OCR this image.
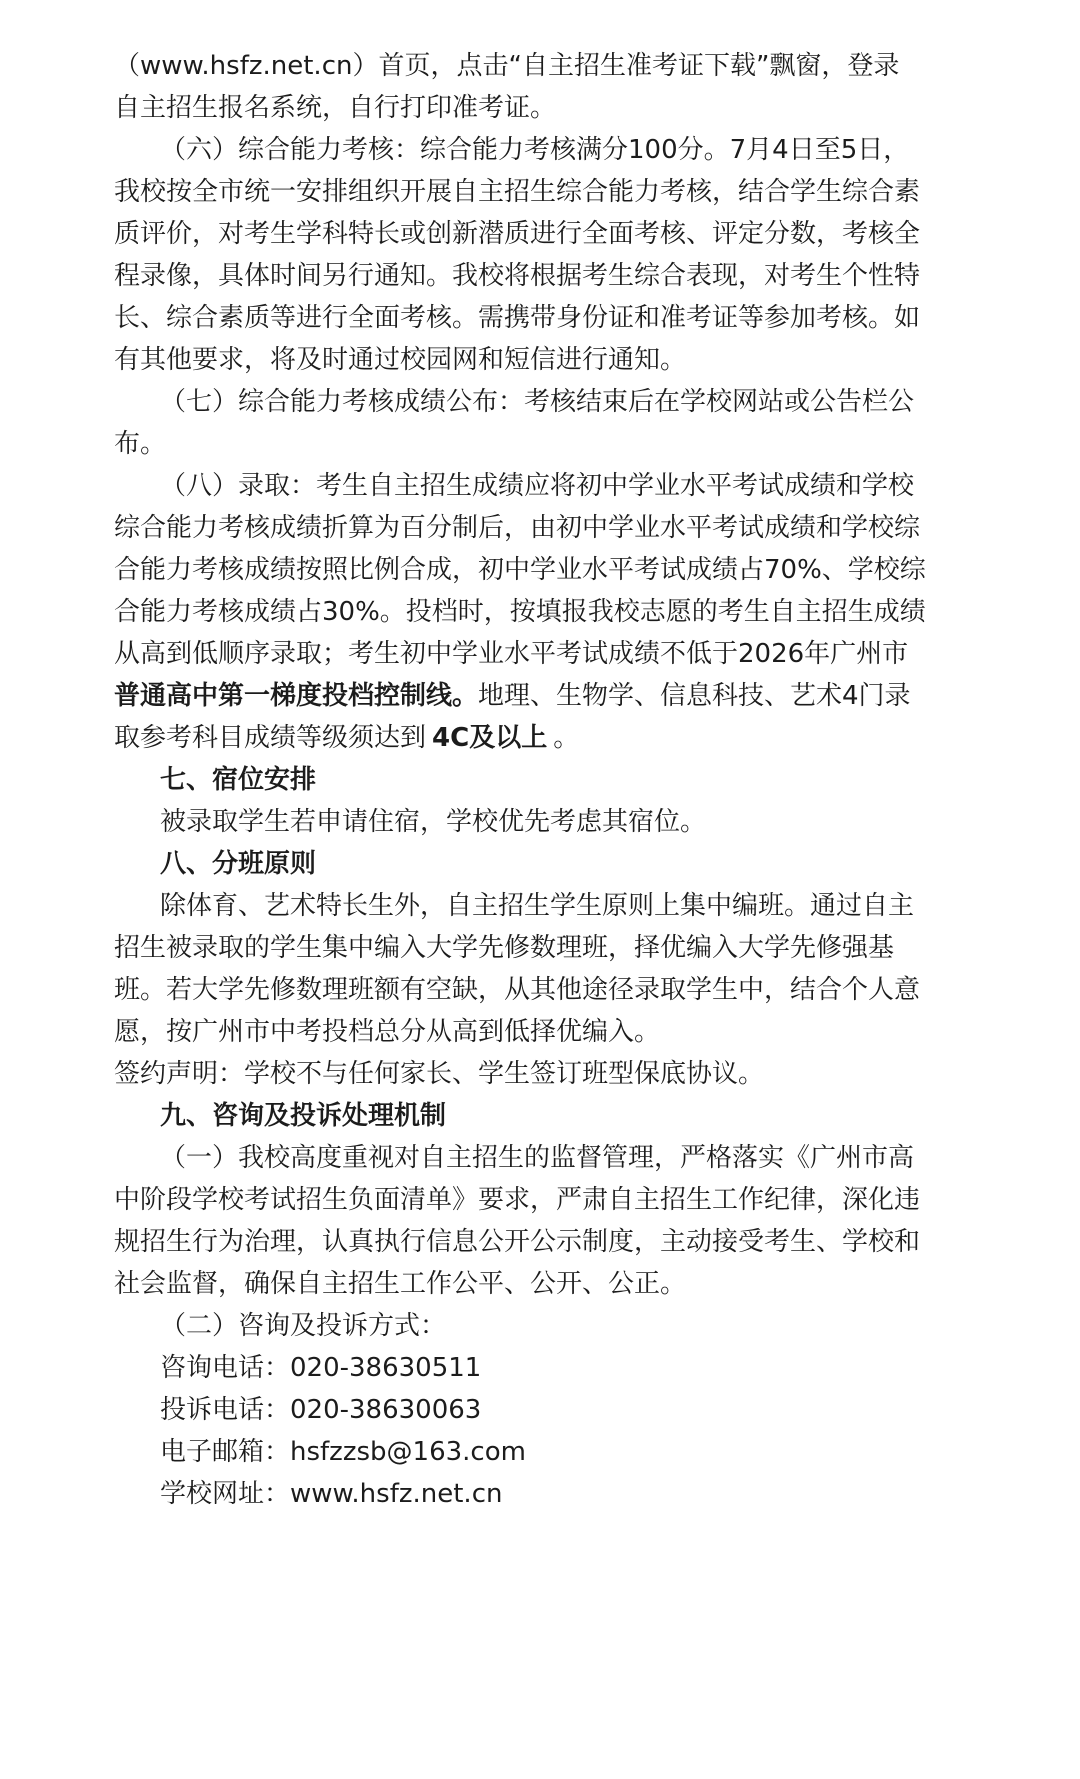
（www.hsfz.net.cn）首页，点击“自主招生准考证下载”飘窗，登录
自主招生报名系统，自行打印准考证。
（六）综合能力考核：综合能力考核满分100分。7月4日至5日，
我校按全市统一安排组织开展自主招生综合能力考核，结合学生综合素
质评价，对考生学科特长或创新潜质进行全面考核、评定分数，考核全
程录像，具体时间另行通知。我校将根据考生综合表现，对考生个性特
长、综合素质等进行全面考核。需携带身份证和准考证等参加考核。如
有其他要求，将及时通过校园网和短信进行通知。
（七）综合能力考核成绩公布：考核结束后在学校网站或公告栏公
布。
（八）录取：考生自主招生成绩应将初中学业水平考试成绩和学校
综合能力考核成绩折算为百分制后，由初中学业水平考试成绩和学校综
合能力考核成绩按照比例合成，初中学业水平考试成绩占70%、学校综
合能力考核成绩占30%。投档时，按填报我校志愿的考生自主招生成绩
从高到低顺序录取；考生初中学业水平考试成绩不低于2026年广州市
普通高中第一梯度投档控制线。 地理、生物学、信息科技、艺术4门录
取参考科目成绩等级须达到 4C及以上 。
七、宿位安排
被录取学生若申请住宿，学校优先考虑其宿位。
八、分班原则
除体育、艺术特长生外，自主招生学生原则上集中编班。通过自主
招生被录取的学生集中编入大学先修数理班，择优编入大学先修强基
班。若大学先修数理班额有空缺，从其他途径录取学生中，结合个人意
愿，按广州市中考投档总分从高到低择优编入。
签约声明：学校不与任何家长、学生签订班型保底协议。
九、咨询及投诉处理机制
（一）我校高度重视对自主招生的监督管理，严格落实《广州市高
中阶段学校考试招生负面清单》要求，严肃自主招生工作纪律，深化违
规招生行为治理，认真执行信息公开公示制度，主动接受考生、学校和
社会监督，确保自主招生工作公平、公开、公正。
（二）咨询及投诉方式：
咨询电话：020-38630511
投诉电话：020-38630063
电子邮箱：hsfzzsb@163.com
学校网址：www.hsfz.net.cn
